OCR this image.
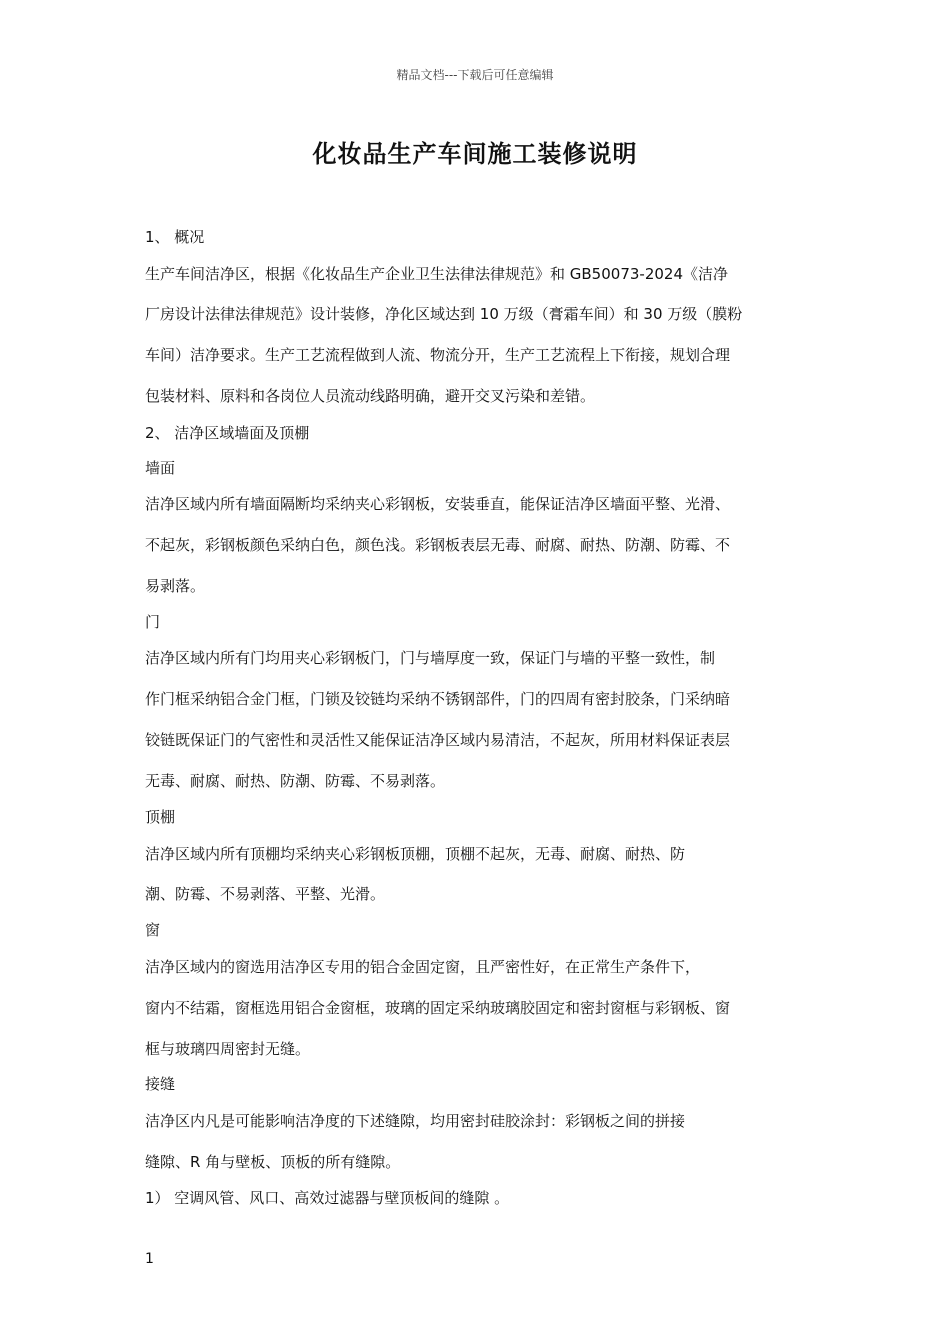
精品文档---下载后可任意编辑
化妆品生产车间施工装修说明
1、 概况
生产车间洁净区，根据《化妆品生产企业卫生法律法律规范》和 GB50073-2024《洁净
厂房设计法律法律规范》设计装修，净化区域达到 10 万级（膏霜车间）和 30 万级（膜粉
车间）洁净要求。生产工艺流程做到人流、物流分开，生产工艺流程上下衔接，规划合理
包装材料、原料和各岗位人员流动线路明确，避开交叉污染和差错。
2、 洁净区域墙面及顶棚
墙面
洁净区域内所有墙面隔断均采纳夹心彩钢板，安装垂直，能保证洁净区墙面平整、光滑、
不起灰，彩钢板颜色采纳白色，颜色浅。彩钢板表层无毒、耐腐、耐热、防潮、防霉、不
易剥落。
门
洁净区域内所有门均用夹心彩钢板门，门与墙厚度一致，保证门与墙的平整一致性，制
作门框采纳铝合金门框，门锁及铰链均采纳不锈钢部件，门的四周有密封胶条，门采纳暗
铰链既保证门的气密性和灵活性又能保证洁净区域内易清洁，不起灰，所用材料保证表层
无毒、耐腐、耐热、防潮、防霉、不易剥落。
顶棚
洁净区域内所有顶棚均采纳夹心彩钢板顶棚，顶棚不起灰，无毒、耐腐、耐热、防
潮、防霉、不易剥落、平整、光滑。
窗
洁净区域内的窗选用洁净区专用的铝合金固定窗，且严密性好，在正常生产条件下，
窗内不结霜，窗框选用铝合金窗框，玻璃的固定采纳玻璃胶固定和密封窗框与彩钢板、窗
框与玻璃四周密封无缝。
接缝
洁净区内凡是可能影响洁净度的下述缝隙，均用密封硅胶涂封：彩钢板之间的拼接
缝隙、R 角与壁板、顶板的所有缝隙。
1） 空调风管、风口、高效过滤器与壁顶板间的缝隙 。
1
